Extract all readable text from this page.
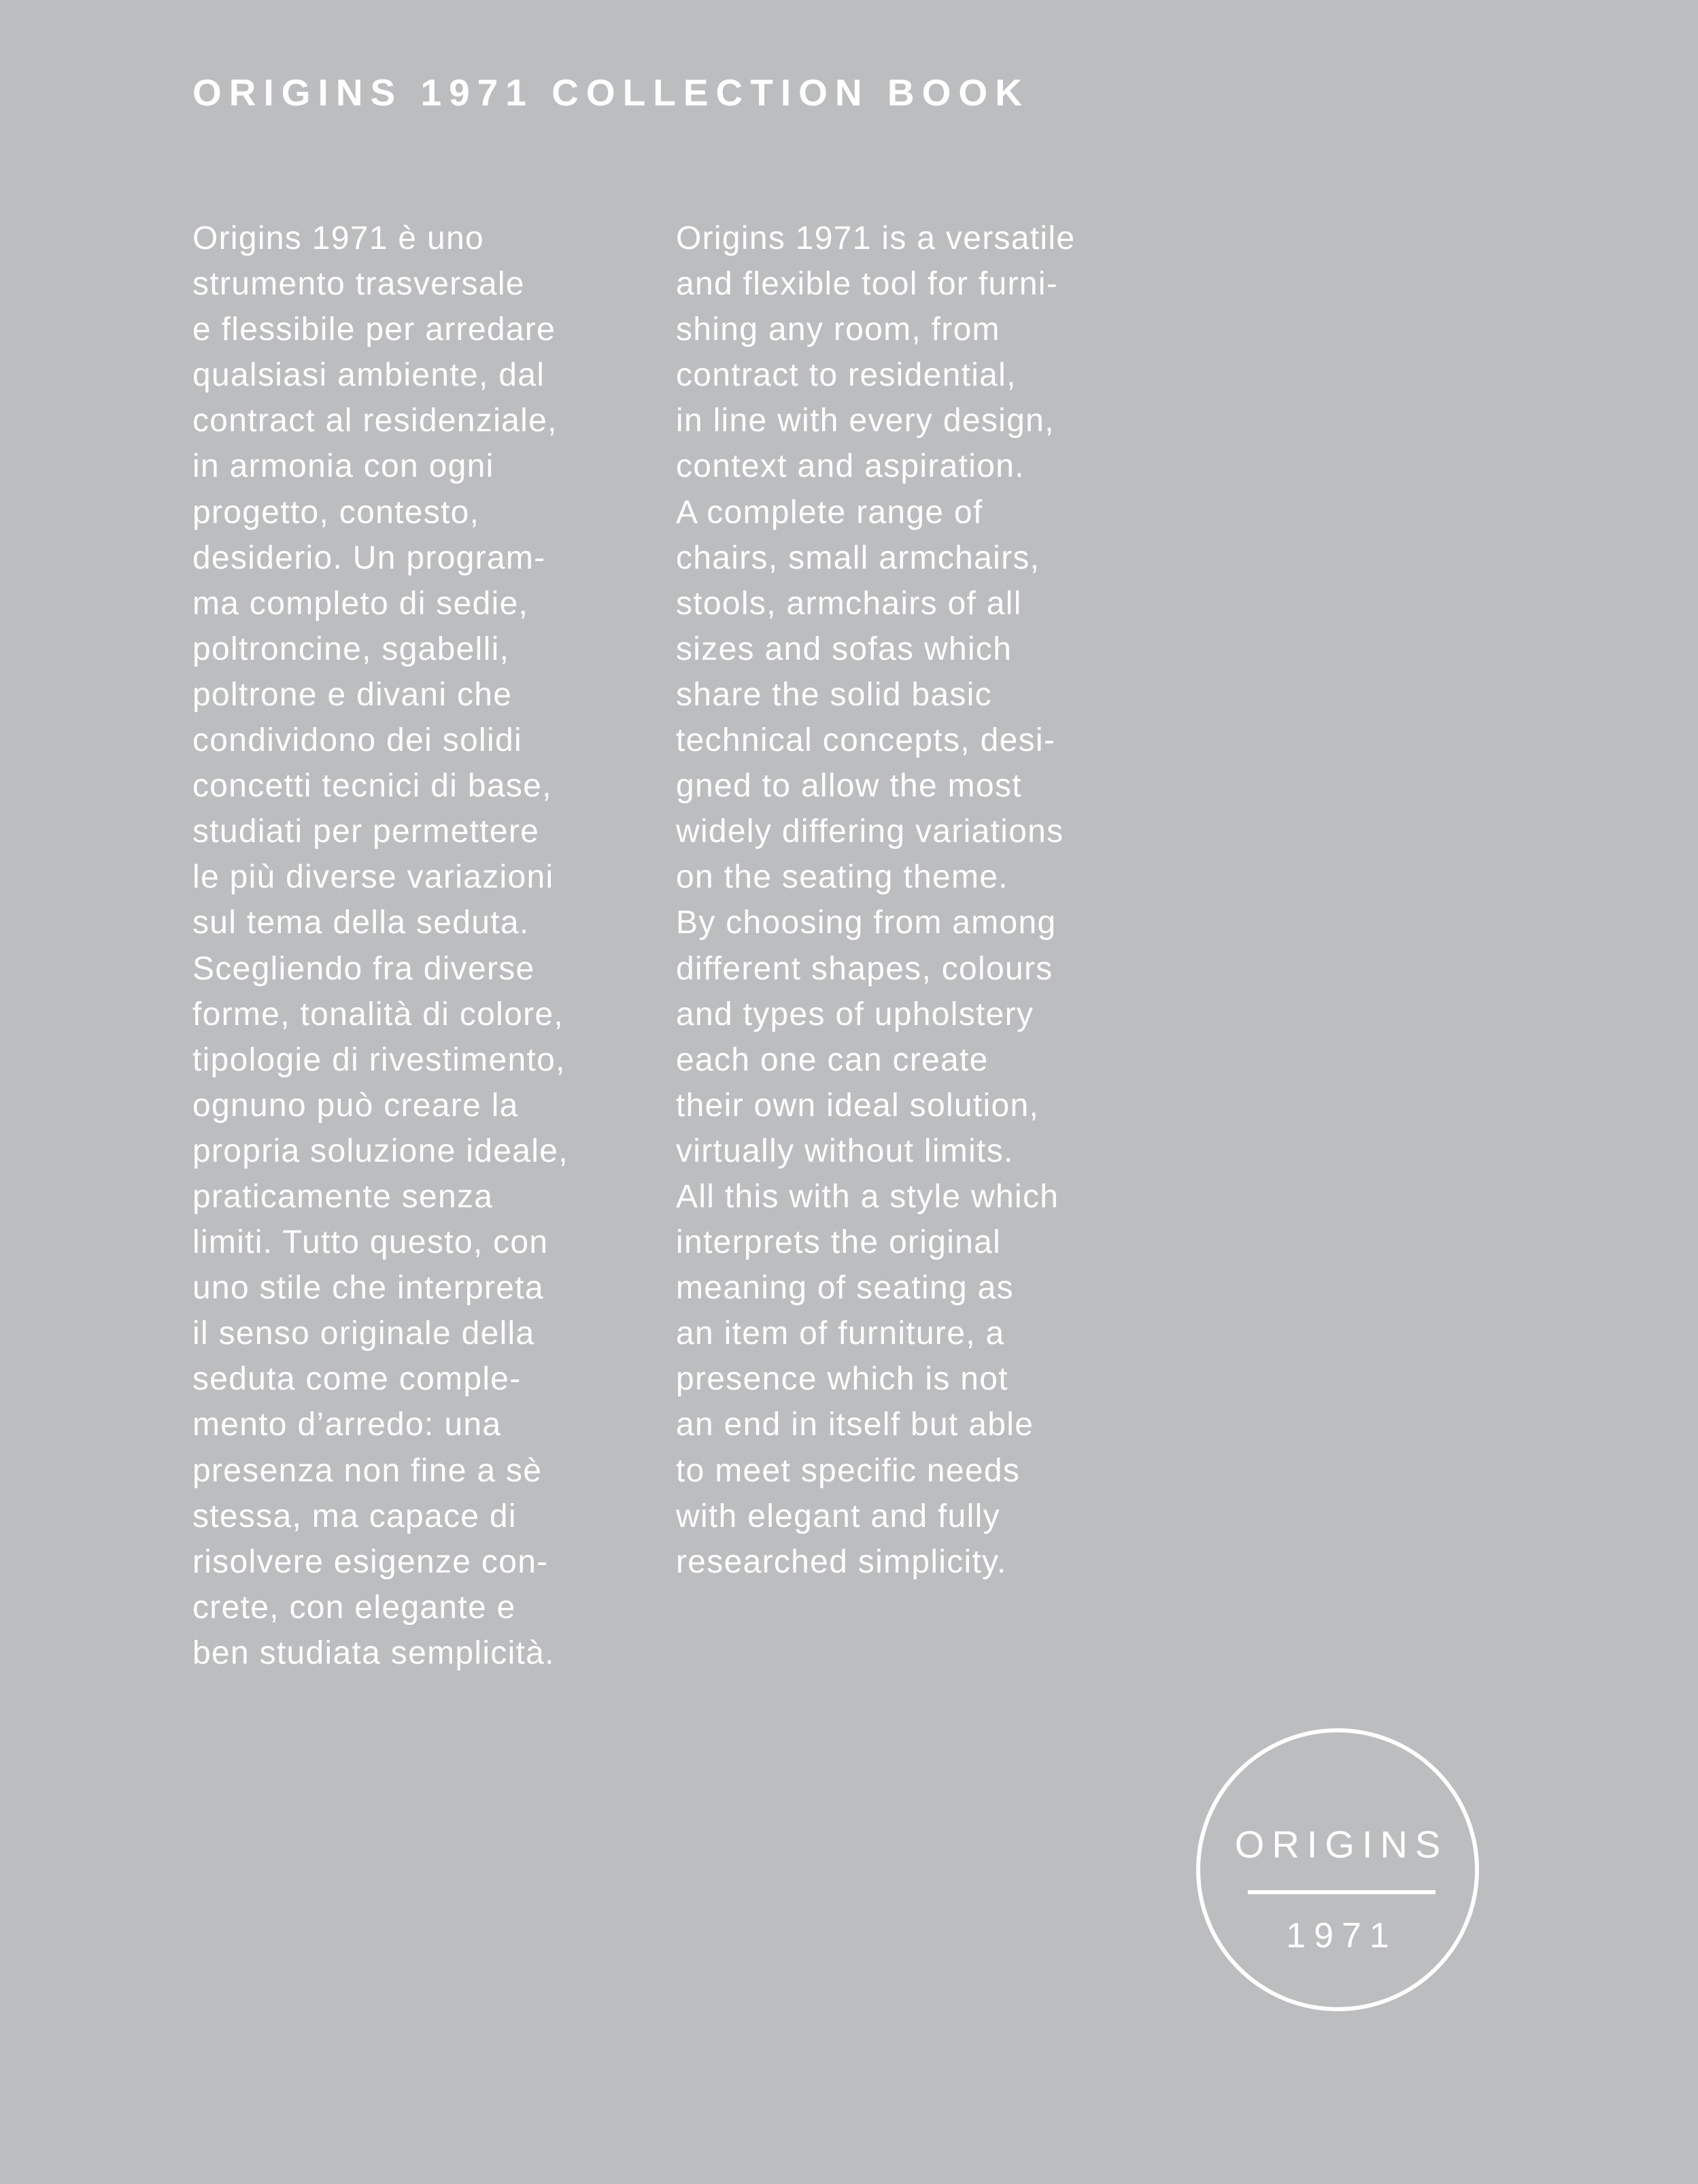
ORIGINS 1971 COLLECTION BOOK
Origins 1971 è uno
strumento trasversale
e flessibile per arredare
qualsiasi ambiente, dal
contract al residenziale,
in armonia con ogni
progetto, contesto,
desiderio. Un program-
ma completo di sedie,
poltroncine, sgabelli,
poltrone e divani che
condividono dei solidi
concetti tecnici di base,
studiati per permettere
le più diverse variazioni
sul tema della seduta.
Scegliendo fra diverse
forme, tonalità di colore,
tipologie di rivestimento,
ognuno può creare la
propria soluzione ideale,
praticamente senza
limiti. Tutto questo, con
uno stile che interpreta
il senso originale della
seduta come comple-
mento d’arredo: una
presenza non fine a sè
stessa, ma capace di
risolvere esigenze con-
crete, con elegante e
ben studiata semplicità.
Origins 1971 is a versatile
and flexible tool for furni-
shing any room, from
contract to residential,
in line with every design,
context and aspiration.
A complete range of
chairs, small armchairs,
stools, armchairs of all
sizes and sofas which
share the solid basic
technical concepts, desi-
gned to allow the most
widely differing variations
on the seating theme.
By choosing from among
different shapes, colours
and types of upholstery
each one can create
their own ideal solution,
virtually without limits.
All this with a style which
interprets the original
meaning of seating as
an item of furniture, a
presence which is not
an end in itself but able
to meet specific needs
with elegant and fully
researched simplicity.
ORIGINS
1971
